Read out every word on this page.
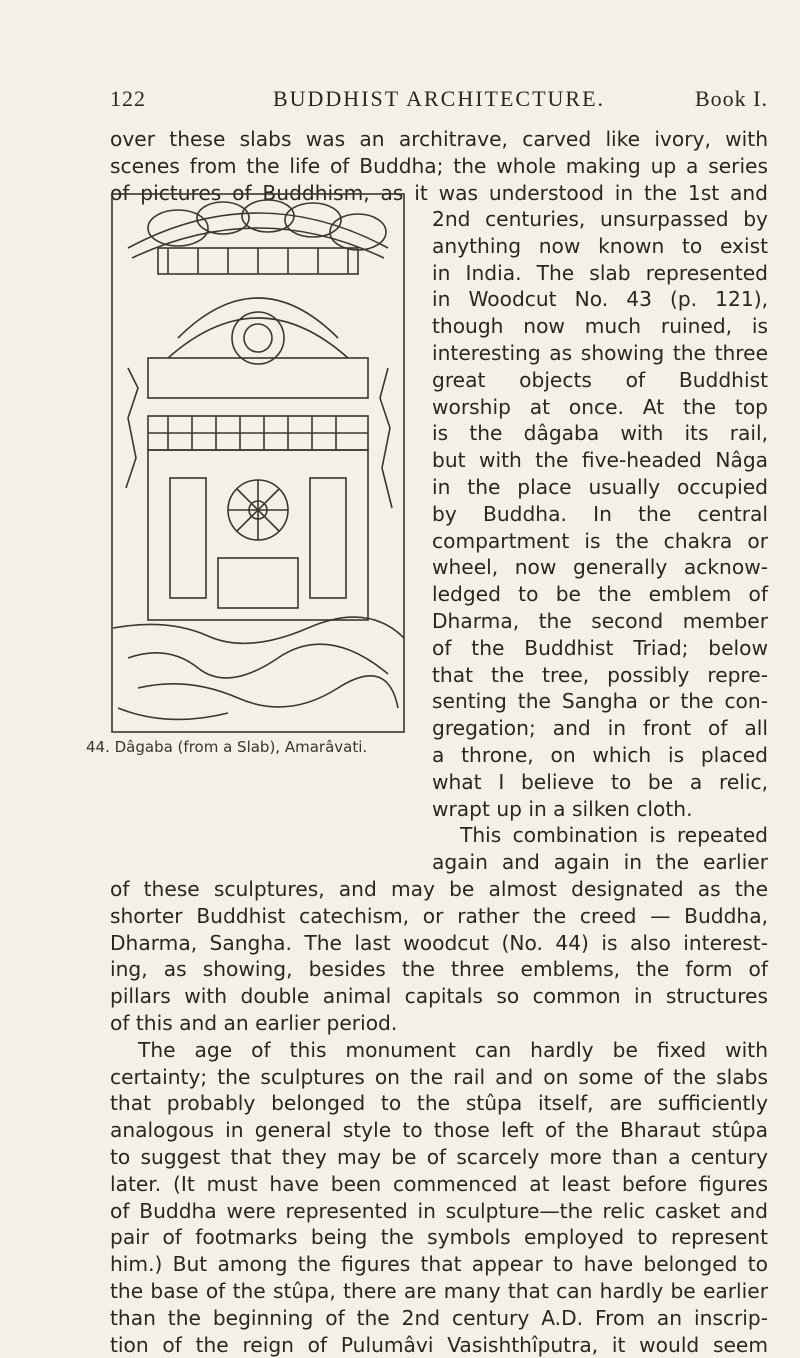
122	BUDDHIST ARCHITECTURE.	Book I.
over these slabs was an architrave, carved like ivory, with
scenes from the life of Buddha; the whole making up a series
of pictures of Buddhism, as it was understood in the 1st and
44. Dâgaba (from a Slab), Amarâvati.
2nd centuries, unsurpassed by
anything now known to exist
in India. The slab represented
in Woodcut No. 43 (p. 121),
though now much ruined, is
interesting as showing the three
great objects of Buddhist
worship at once. At the top
is the dâgaba with its rail,
but with the five-headed Nâga
in the place usually occupied
by Buddha. In the central
compartment is the chakra or
wheel, now generally acknow-
ledged to be the emblem of
Dharma, the second member
of the Buddhist Triad; below
that the tree, possibly repre-
senting the Sangha or the con-
gregation; and in front of all
a throne, on which is placed
what I believe to be a relic,
wrapt up in a silken cloth.
This combination is repeated
again and again in the earlier
of these sculptures, and may be almost designated as the
shorter Buddhist catechism, or rather the creed — Buddha,
Dharma, Sangha. The last woodcut (No. 44) is also interest-
ing, as showing, besides the three emblems, the form of
pillars with double animal capitals so common in structures
of this and an earlier period.
The age of this monument can hardly be fixed with
certainty; the sculptures on the rail and on some of the slabs
that probably belonged to the stûpa itself, are sufficiently
analogous in general style to those left of the Bharaut stûpa
to suggest that they may be of scarcely more than a century
later. (It must have been commenced at least before figures
of Buddha were represented in sculpture—the relic casket and
pair of footmarks being the symbols employed to represent
him.) But among the figures that appear to have belonged to
the base of the stûpa, there are many that can hardly be earlier
than the beginning of the 2nd century A.D. From an inscrip-
tion of the reign of Pulumâvi Vasishthîputra, it would seem
